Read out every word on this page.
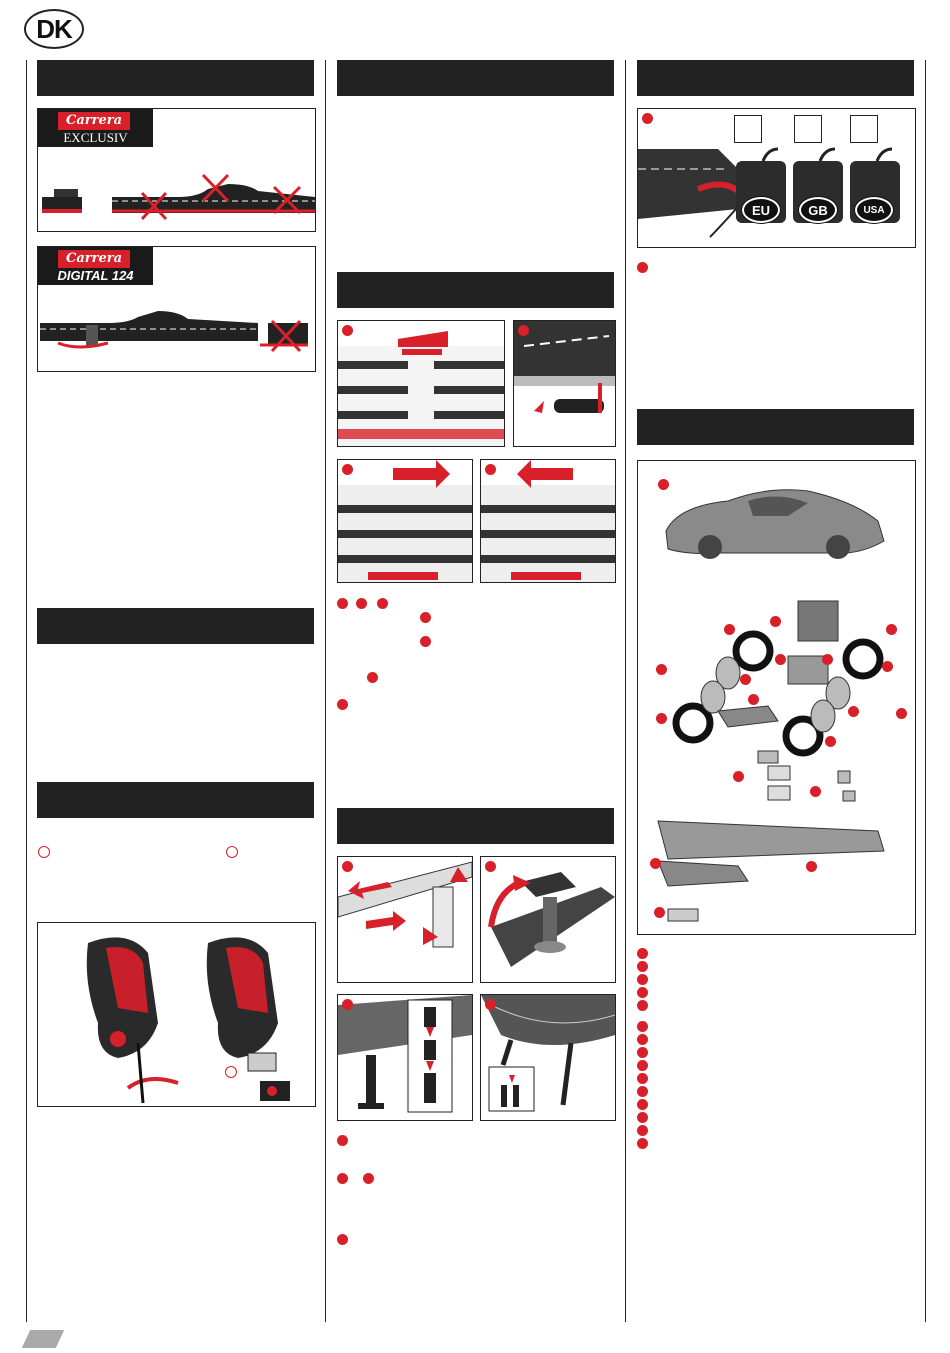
DK
Carrera
EXCLUSIV
Carrera
DIGITAL 124
EU	GB	USA
